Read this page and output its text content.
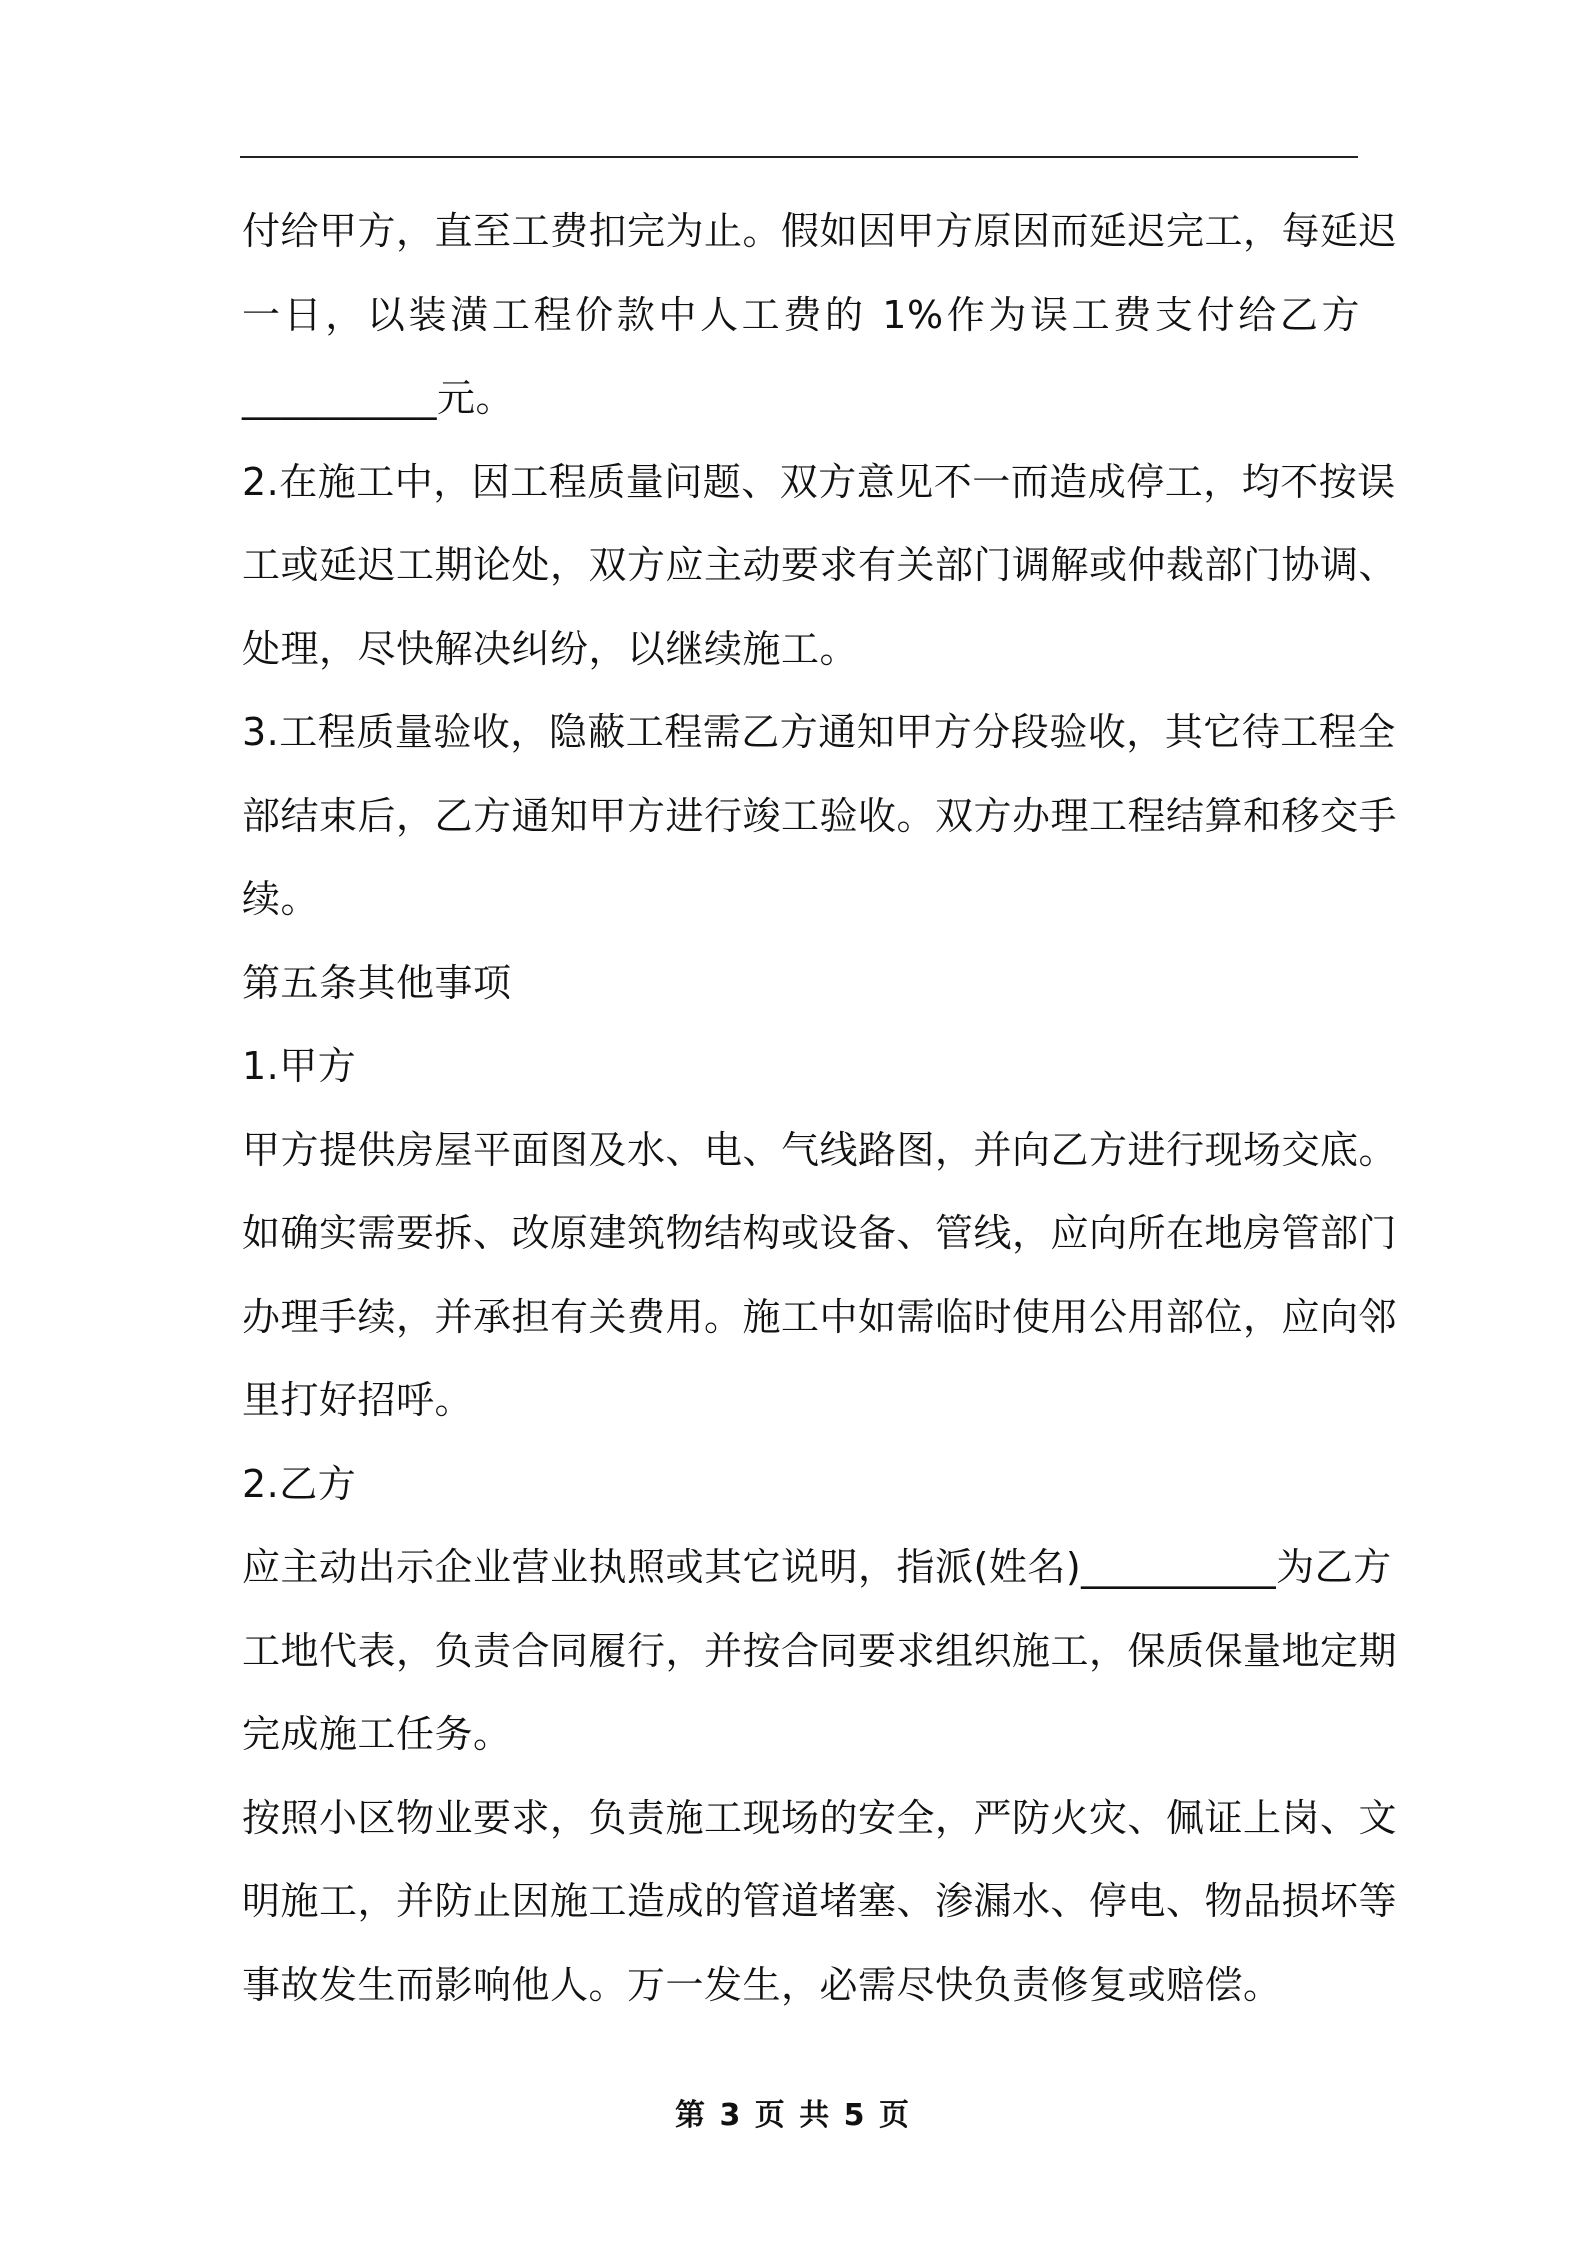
付给甲方，直至工费扣完为止。假如因甲方原因而延迟完工，每延迟
一日，以装潢工程价款中人工费的 1%作为误工费支付给乙方
__________元。
2.在施工中，因工程质量问题、双方意见不一而造成停工，均不按误
工或延迟工期论处，双方应主动要求有关部门调解或仲裁部门协调、
处理，尽快解决纠纷，以继续施工。
3.工程质量验收，隐蔽工程需乙方通知甲方分段验收，其它待工程全
部结束后，乙方通知甲方进行竣工验收。双方办理工程结算和移交手
续。
第五条其他事项
1.甲方
甲方提供房屋平面图及水、电、气线路图，并向乙方进行现场交底。
如确实需要拆、改原建筑物结构或设备、管线，应向所在地房管部门
办理手续，并承担有关费用。施工中如需临时使用公用部位，应向邻
里打好招呼。
2.乙方
应主动出示企业营业执照或其它说明，指派(姓名)__________为乙方
工地代表，负责合同履行，并按合同要求组织施工，保质保量地定期
完成施工任务。
按照小区物业要求，负责施工现场的安全，严防火灾、佩证上岗、文
明施工，并防止因施工造成的管道堵塞、渗漏水、停电、物品损坏等
事故发生而影响他人。万一发生，必需尽快负责修复或赔偿。
第 3 页 共 5 页
